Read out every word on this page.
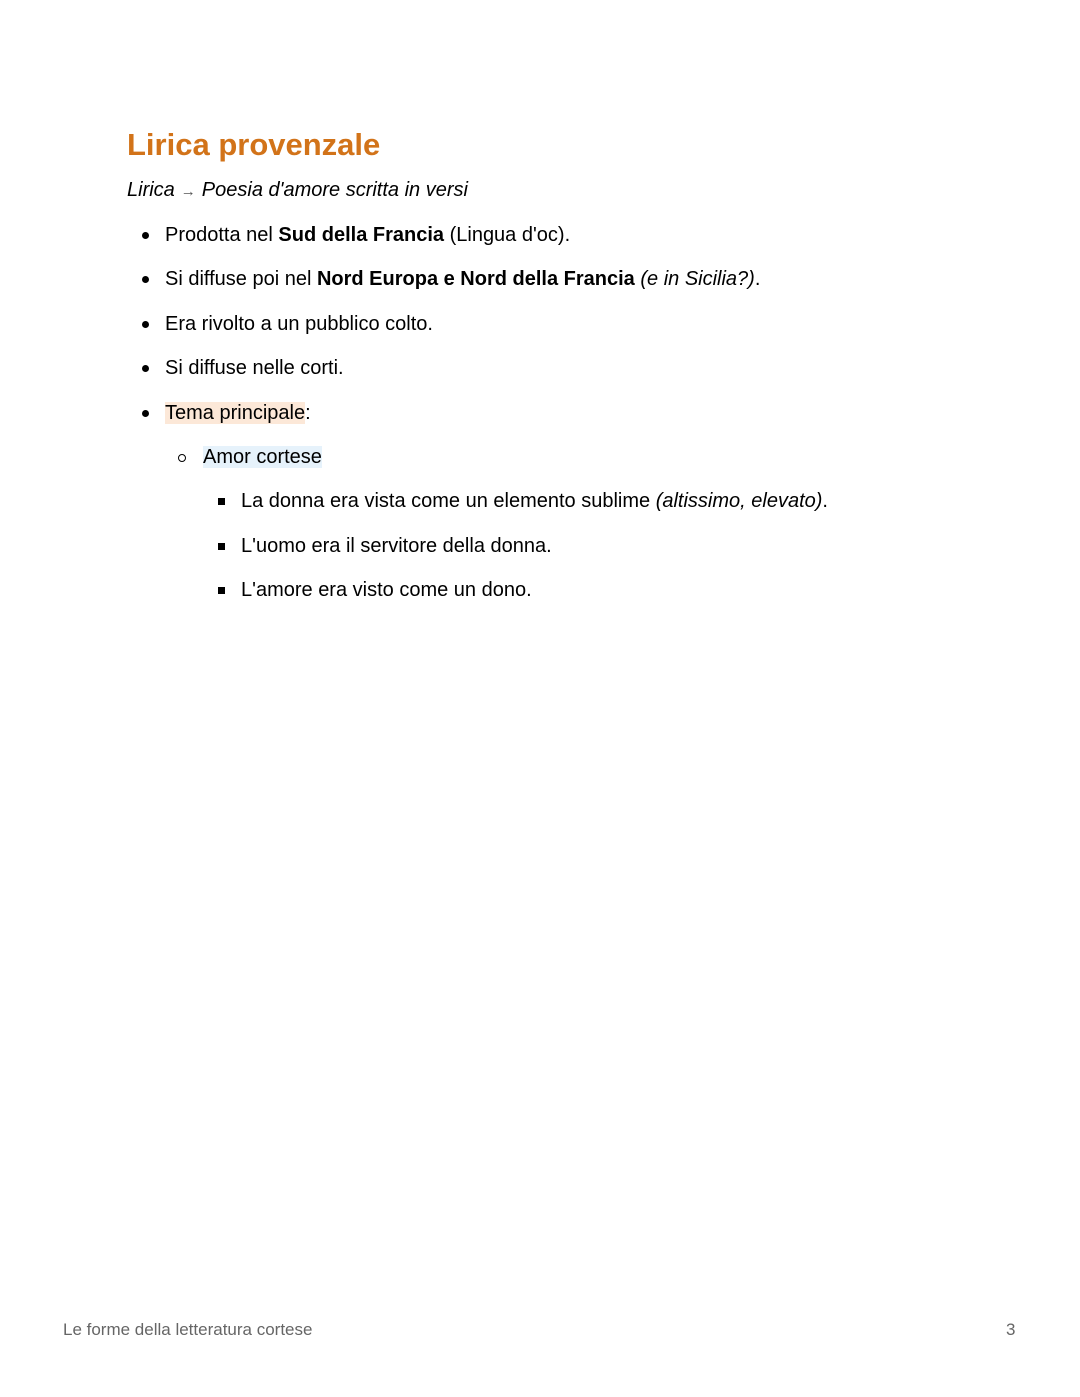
Lirica provenzale
Lirica → Poesia d'amore scritta in versi
Prodotta nel Sud della Francia (Lingua d'oc).
Si diffuse poi nel Nord Europa e Nord della Francia (e in Sicilia?).
Era rivolto a un pubblico colto.
Si diffuse nelle corti.
Tema principale:
Amor cortese
La donna era vista come un elemento sublime (altissimo, elevato).
L'uomo era il servitore della donna.
L'amore era visto come un dono.
Le forme della letteratura cortese	3
